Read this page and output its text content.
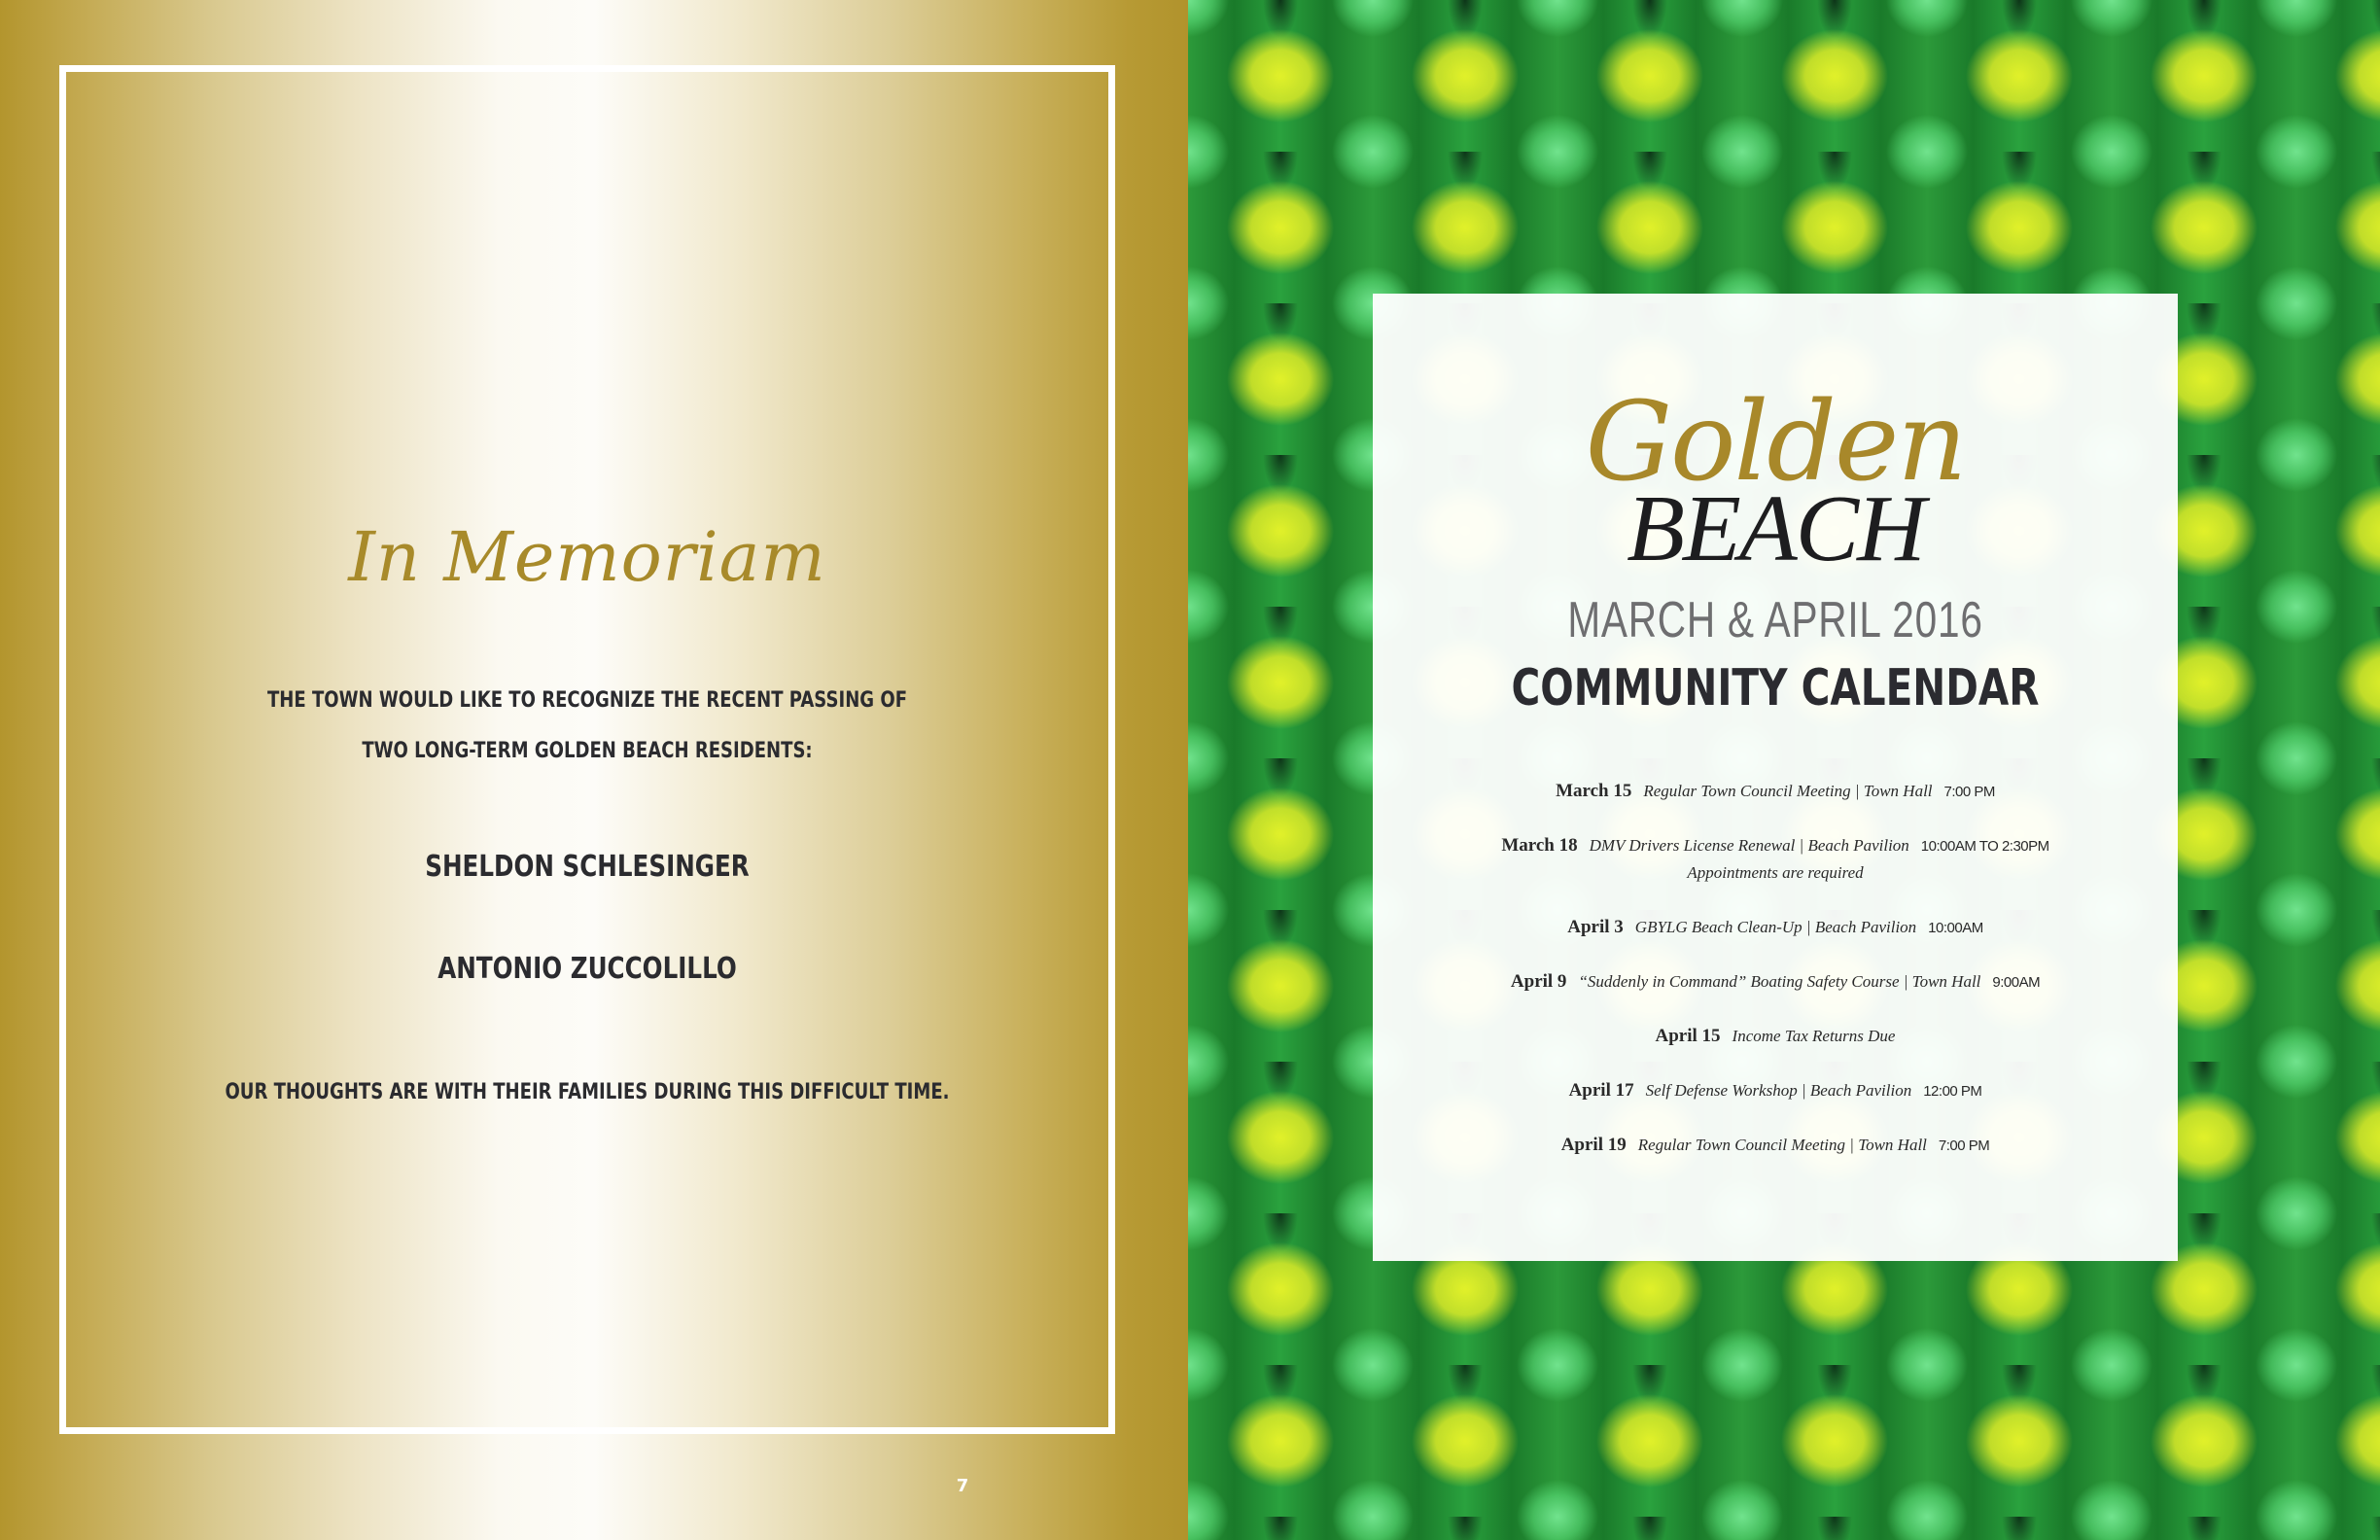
In Memoriam
THE TOWN WOULD LIKE TO RECOGNIZE THE RECENT PASSING OF
TWO LONG-TERM GOLDEN BEACH RESIDENTS:
SHELDON SCHLESINGER
ANTONIO ZUCCOLILLO
OUR THOUGHTS ARE WITH THEIR FAMILIES DURING THIS DIFFICULT TIME.
7
Golden
BEACH
MARCH & APRIL 2016
COMMUNITY CALENDAR
March 15 Regular Town Council Meeting | Town Hall 7:00 PM
March 18 DMV Drivers License Renewal | Beach Pavilion 10:00AM TO 2:30PM
Appointments are required
April 3 GBYLG Beach Clean-Up | Beach Pavilion 10:00AM
April 9 “Suddenly in Command” Boating Safety Course | Town Hall 9:00AM
April 15 Income Tax Returns Due
April 17 Self Defense Workshop | Beach Pavilion 12:00 PM
April 19 Regular Town Council Meeting | Town Hall 7:00 PM
